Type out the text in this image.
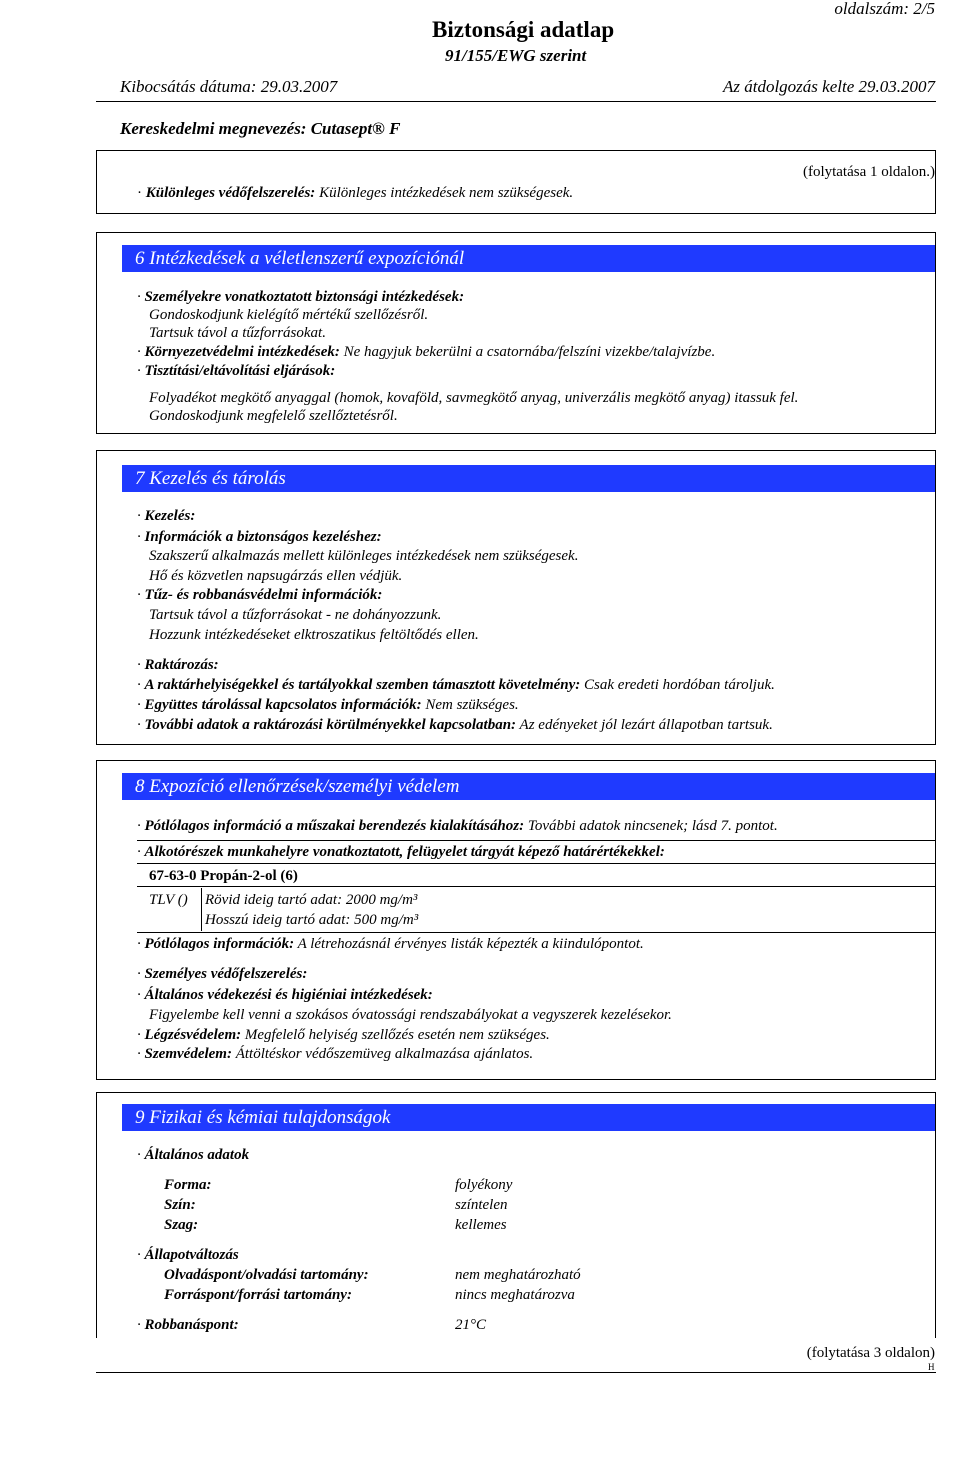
oldalszám: 2/5
Biztonsági adatlap
91/155/EWG szerint
Kibocsátás dátuma: 29.03.2007	Az átdolgozás kelte 29.03.2007
Kereskedelmi megnevezés: Cutasept® F
(folytatása 1 oldalon.)
· Különleges védőfelszerelés: Különleges intézkedések nem szükségesek.
6 Intézkedések a véletlenszerű expozíciónál
· Személyekre vonatkoztatott biztonsági intézkedések:
Gondoskodjunk kielégítő mértékű szellőzésről.
Tartsuk távol a tűzforrásokat.
· Környezetvédelmi intézkedések: Ne hagyjuk bekerülni a csatornába/felszíni vizekbe/talajvízbe.
· Tisztítási/eltávolítási eljárások:
Folyadékot megkötő anyaggal (homok, kovaföld, savmegkötő anyag, univerzális megkötő anyag) itassuk fel.
Gondoskodjunk megfelelő szellőztetésről.
7 Kezelés és tárolás
· Kezelés:
· Információk a biztonságos kezeléshez:
Szakszerű alkalmazás mellett különleges intézkedések nem szükségesek.
Hő és közvetlen napsugárzás ellen védjük.
· Tűz- és robbanásvédelmi információk:
Tartsuk távol a tűzforrásokat - ne dohányozzunk.
Hozzunk intézkedéseket elktroszatikus feltöltődés ellen.
· Raktározás:
· A raktárhelyiségekkel és tartályokkal szemben támasztott követelmény: Csak eredeti hordóban tároljuk.
· Együttes tárolással kapcsolatos információk: Nem szükséges.
· További adatok a raktározási körülményekkel kapcsolatban: Az edényeket jól lezárt állapotban tartsuk.
8 Expozíció ellenőrzések/személyi védelem
· Pótlólagos információ a műszakai berendezés kialakításához: További adatok nincsenek; lásd 7. pontot.
· Alkotórészek munkahelyre vonatkoztatott, felügyelet tárgyát képező határértékekkel:
67-63-0 Propán-2-ol (6)
TLV () Rövid ideig tartó adat: 2000 mg/m³
Hosszú ideig tartó adat: 500 mg/m³
· Pótlólagos információk: A létrehozásnál érvényes listák képezték a kiindulópontot.
· Személyes védőfelszerelés:
· Általános védekezési és higiéniai intézkedések:
Figyelembe kell venni a szokásos óvatossági rendszabályokat a vegyszerek kezelésekor.
· Légzésvédelem: Megfelelő helyiség szellőzés esetén nem szükséges.
· Szemvédelem: Áttöltéskor védőszemüveg alkalmazása ajánlatos.
9 Fizikai és kémiai tulajdonságok
· Általános adatok
Forma:	folyékony
Szín:	színtelen
Szag:	kellemes
· Állapotváltozás
Olvadáspont/olvadási tartomány:	nem meghatározható
Forráspont/forrási tartomány:	nincs meghatározva
· Robbanáspont:	21°C
(folytatása 3 oldalon)
H
